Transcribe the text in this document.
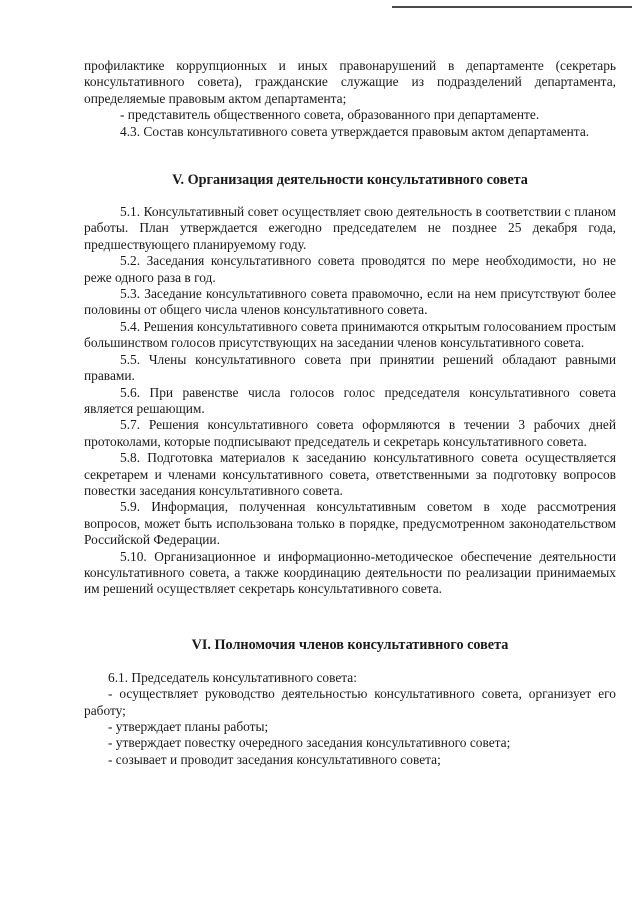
профилактике коррупционных и иных правонарушений в департаменте (секретарь консультативного совета), гражданские служащие из подразделений департамента, определяемые правовым актом департамента;

- представитель общественного совета, образованного при департаменте.

4.3. Состав консультативного совета утверждается правовым актом департамента.

V. Организация деятельности консультативного совета

5.1. Консультативный совет осуществляет свою деятельность в соответствии с планом работы. План утверждается ежегодно председателем не позднее 25 декабря года, предшествующего планируемому году.

5.2. Заседания консультативного совета проводятся по мере необходимости, но не реже одного раза в год.

5.3. Заседание консультативного совета правомочно, если на нем присутствуют более половины от общего числа членов консультативного совета.

5.4. Решения консультативного совета принимаются открытым голосованием простым большинством голосов присутствующих на заседании членов консультативного совета.

5.5. Члены консультативного совета при принятии решений обладают равными правами.

5.6. При равенстве числа голосов голос председателя консультативного совета является решающим.

5.7. Решения консультативного совета оформляются в течении 3 рабочих дней протоколами, которые подписывают председатель и секретарь консультативного совета.

5.8. Подготовка материалов к заседанию консультативного совета осуществляется секретарем и членами консультативного совета, ответственными за подготовку вопросов повестки заседания консультативного совета.

5.9. Информация, полученная консультативным советом в ходе рассмотрения вопросов, может быть использована только в порядке, предусмотренном законодательством Российской Федерации.

5.10. Организационное и информационно-методическое обеспечение деятельности консультативного совета, а также координацию деятельности по реализации принимаемых им решений осуществляет секретарь консультативного совета.

VI. Полномочия членов консультативного совета

6.1. Председатель консультативного совета:

- осуществляет руководство деятельностью консультативного совета, организует его работу;

- утверждает планы работы;

- утверждает повестку очередного заседания консультативного совета;

- созывает и проводит заседания консультативного совета;
